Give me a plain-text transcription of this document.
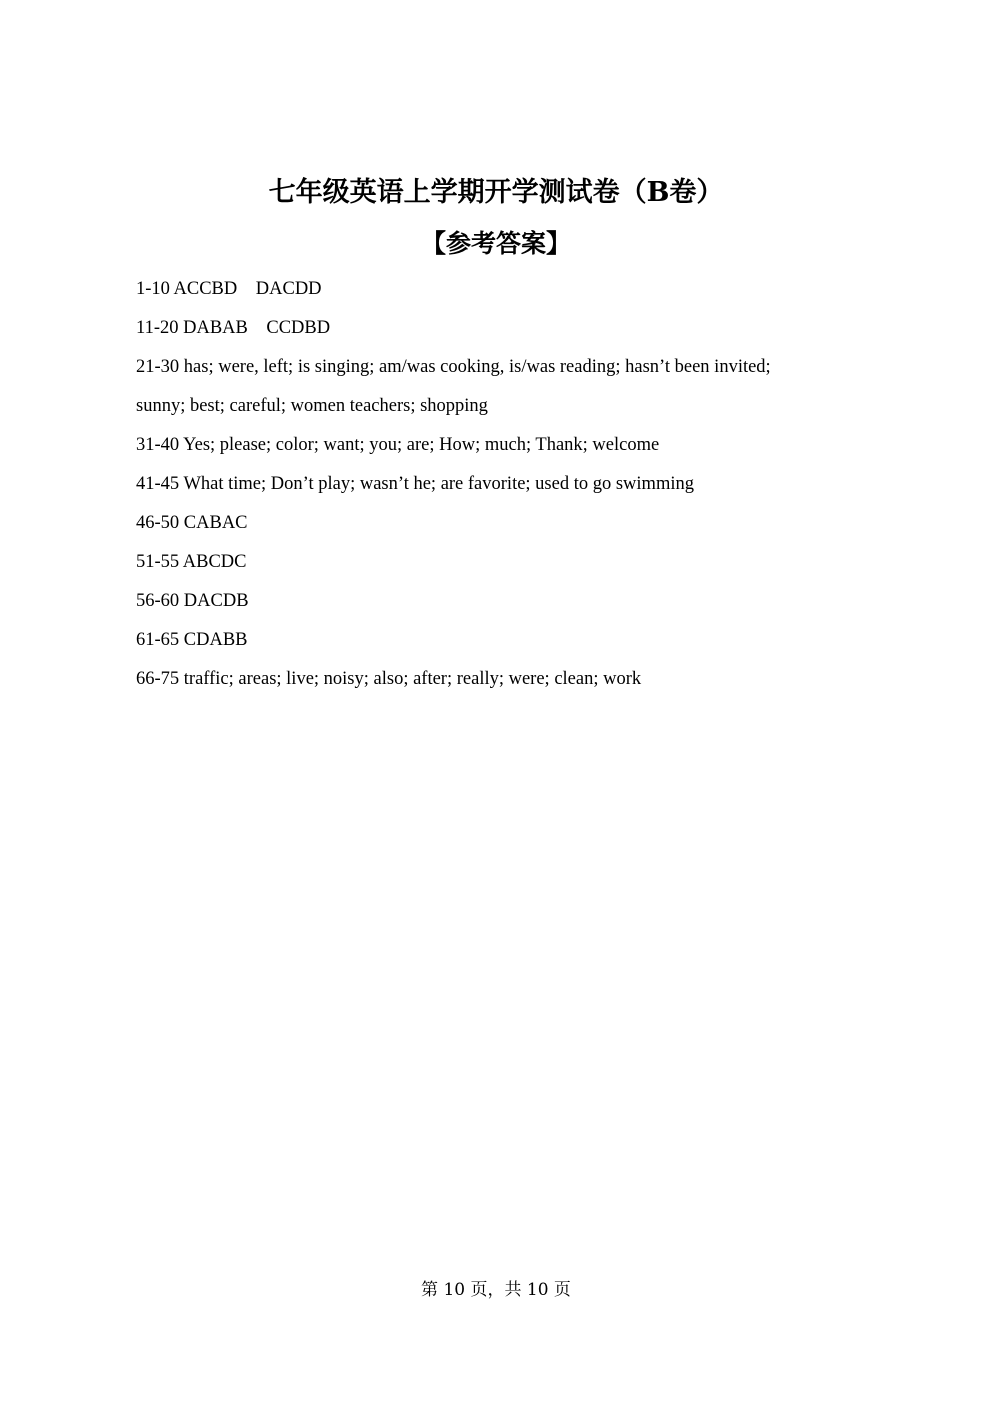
七年级英语上学期开学测试卷（B卷）
【参考答案】
1-10 ACCBD    DACDD
11-20 DABAB    CCDBD
21-30 has; were, left; is singing; am/was cooking, is/was reading; hasn’t been invited;
sunny; best; careful; women teachers; shopping
31-40 Yes; please; color; want; you; are; How; much; Thank; welcome
41-45 What time; Don’t play; wasn’t he; are favorite; used to go swimming
46-50 CABAC
51-55 ABCDC
56-60 DACDB
61-65 CDABB
66-75 traffic; areas; live; noisy; also; after; really; were; clean; work
第 10 页，共 10 页
